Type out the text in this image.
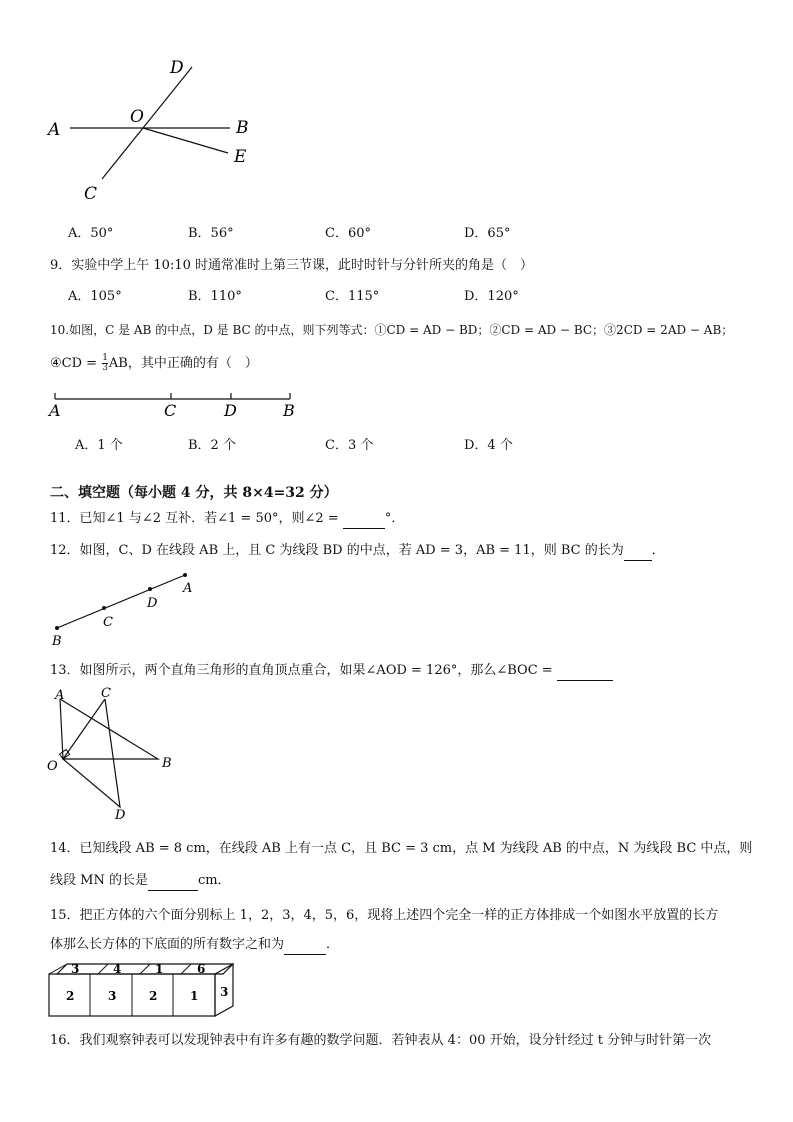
A
O
B
E
D
C
A．50°	B．56°	C．60°	D．65°
9．实验中学上午 10:10 时通常准时上第三节课，此时时针与分针所夹的角是（　）
A．105°	B．110°	C．115°	D．120°
10.如图，C 是 AB 的中点，D 是 BC 的中点，则下列等式：①CD = AD − BD；②CD = AD − BC；③2CD = 2AD − AB；
④CD = $\frac{1}{3}$ AB，其中正确的有（　）
A	C	D	B
A．1 个	B．2 个	C．3 个	D．4 个
二、填空题（每小题 4 分，共 8×4=32 分）
11．已知∠1 与∠2 互补．若∠1 = 50°，则∠2 =	°．
12．如图，C、D 在线段 AB 上，且 C 为线段 BD 的中点，若 AD = 3，AB = 11，则 BC 的长为 ．
B
C
D
A
13．如图所示，两个直角三角形的直角顶点重合，如果∠AOD = 126°，那么∠BOC =
A	C
O	B
D
14．已知线段 AB = 8 cm，在线段 AB 上有一点 C，且 BC = 3 cm，点 M 为线段 AB 的中点，N 为线段 BC 中点，则
线段 MN 的长是	cm．
15．把正方体的六个面分别标上 1，2，3，4，5，6，现将上述四个完全一样的正方体排成一个如图水平放置的长方
体那么长方体的下底面的所有数字之和为	．
3	4	1	6
2	3	2	1 3
16．我们观察钟表可以发现钟表中有许多有趣的数学问题．若钟表从 4：00 开始，设分针经过 t 分钟与时针第一次
